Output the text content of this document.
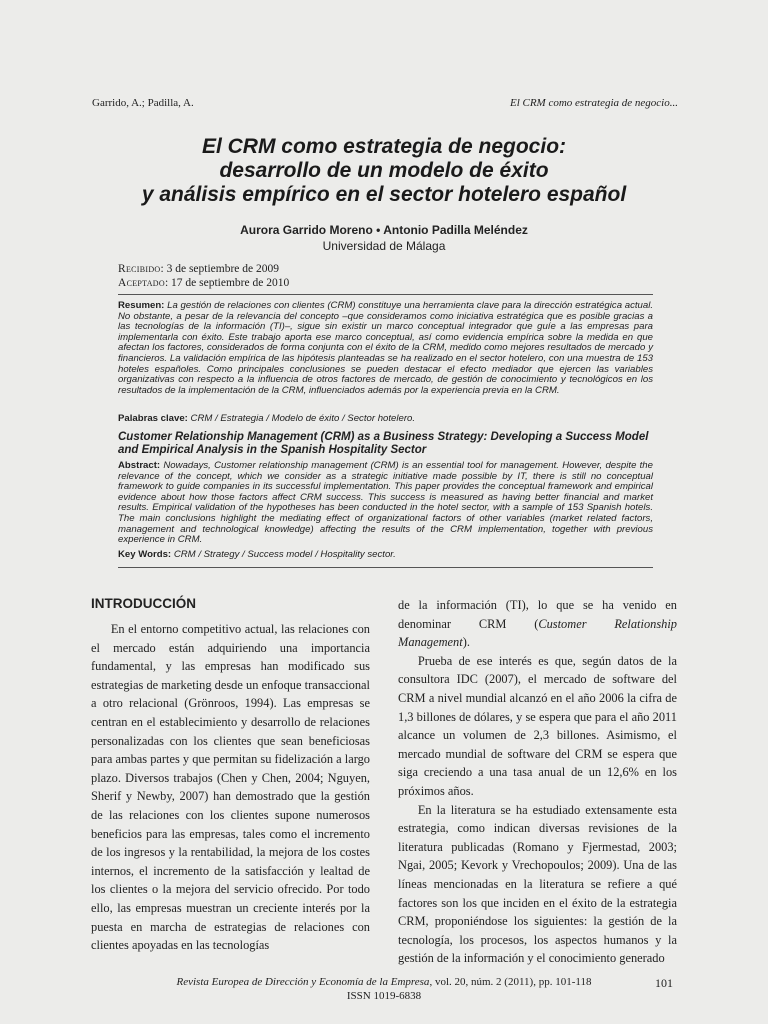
Garrido, A.; Padilla, A.	El CRM como estrategia de negocio...
El CRM como estrategia de negocio:
desarrollo de un modelo de éxito
y análisis empírico en el sector hotelero español
Aurora Garrido Moreno • Antonio Padilla Meléndez
Universidad de Málaga
Recibido: 3 de septiembre de 2009
Aceptado: 17 de septiembre de 2010

Resumen: La gestión de relaciones con clientes (CRM) constituye una herramienta clave para la dirección estratégica actual. No obstante, a pesar de la relevancia del concepto –que consideramos como iniciativa estratégica que es posible gracias a las tecnologías de la información (TI)–, sigue sin existir un marco conceptual integrador que guíe a las empresas para implementarla con éxito. Este trabajo aporta ese marco conceptual, así como evidencia empírica sobre la medida en que afectan los factores, considerados de forma conjunta con el éxito de la CRM, medido como mejores resultados de mercado y financieros. La validación empírica de las hipótesis planteadas se ha realizado en el sector hotelero, con una muestra de 153 hoteles españoles. Como principales conclusiones se pueden destacar el efecto mediador que ejercen las variables organizativas con respecto a la influencia de otros factores de mercado, de gestión de conocimiento y tecnológicos en los resultados de la implementación de la CRM, influenciados además por la experiencia previa en la CRM.

Palabras clave: CRM / Estrategia / Modelo de éxito / Sector hotelero.

Customer Relationship Management (CRM) as a Business Strategy: Developing a Success Model and Empirical Analysis in the Spanish Hospitality Sector

Abstract: Nowadays, Customer relationship management (CRM) is an essential tool for management. However, despite the relevance of the concept, which we consider as a strategic initiative made possible by IT, there is still no conceptual framework to guide companies in its successful implementation. This paper provides the conceptual framework and empirical evidence about how those factors affect CRM success. This success is measured as having better financial and market results. Empirical validation of the hypotheses has been conducted in the hotel sector, with a sample of 153 Spanish hotels. The main conclusions highlight the mediating effect of organizational factors of other variables (market related factors, management and technological knowledge) affecting the results of the CRM implementation, together with previous experience in CRM.

Key Words: CRM / Strategy / Success model / Hospitality sector.

INTRODUCCIÓN

En el entorno competitivo actual, las relaciones con el mercado están adquiriendo una importancia fundamental, y las empresas han modificado sus estrategias de marketing desde un enfoque transaccional a otro relacional (Grönroos, 1994). Las empresas se centran en el establecimiento y desarrollo de relaciones personalizadas con los clientes que sean beneficiosas para ambas partes y que permitan su fidelización a largo plazo. Diversos trabajos (Chen y Chen, 2004; Nguyen, Sherif y Newby, 2007) han demostrado que la gestión de las relaciones con los clientes supone numerosos beneficios para las empresas, tales como el incremento de los ingresos y la rentabilidad, la mejora de los costes internos, el incremento de la satisfacción y lealtad de los clientes o la mejora del servicio ofrecido. Por todo ello, las empresas muestran un creciente interés por la puesta en marcha de estrategias de relaciones con clientes apoyadas en las tecnologías

de la información (TI), lo que se ha venido en denominar CRM (Customer Relationship Management).

Prueba de ese interés es que, según datos de la consultora IDC (2007), el mercado de software del CRM a nivel mundial alcanzó en el año 2006 la cifra de 1,3 billones de dólares, y se espera que para el año 2011 alcance un volumen de 2,3 billones. Asimismo, el mercado mundial de software del CRM se espera que siga creciendo a una tasa anual de un 12,6% en los próximos años.

En la literatura se ha estudiado extensamente esta estrategia, como indican diversas revisiones de la literatura publicadas (Romano y Fjermestad, 2003; Ngai, 2005; Kevork y Vrechopoulos; 2009). Una de las líneas mencionadas en la literatura se refiere a qué factores son los que inciden en el éxito de la estrategia CRM, proponiéndose los siguientes: la gestión de la tecnología, los procesos, los aspectos humanos y la gestión de la información y el conocimiento generado

Revista Europea de Dirección y Economía de la Empresa, vol. 20, núm. 2 (2011), pp. 101-118
ISSN 1019-6838
101
